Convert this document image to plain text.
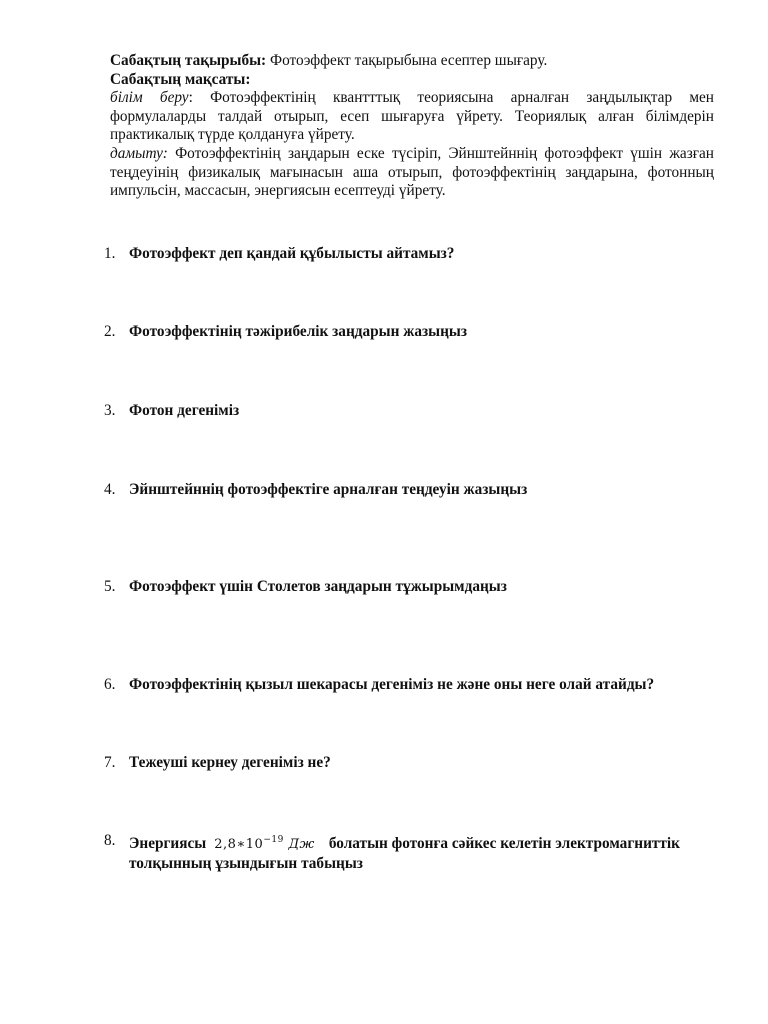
Сабақтың тақырыбы: Фотоэффект тақырыбына есептер шығару.

Сабақтың мақсаты:

білім беру: Фотоэффектінің квантттық теориясына арналған заңдылықтар мен формулаларды талдай отырып, есеп шығаруға үйрету. Теориялық алған білімдерін практикалық түрде қолдануға үйрету.

дамыту: Фотоэффектінің заңдарын еске түсіріп, Эйнштейннің фотоэффект үшін жазған теңдеуінің физикалық мағынасын аша отырып, фотоэффектінің заңдарына, фотонның импульсін, массасын, энергиясын есептеуді үйрету.

1. Фотоэффект деп қандай құбылысты айтамыз?
2. Фотоэффектінің тәжірибелік заңдарын жазыңыз
3. Фотон дегеніміз
4. Эйнштейннің фотоэффектіге арналған теңдеуін жазыңыз
5. Фотоэффект үшін Столетов заңдарын тұжырымдаңыз
6. Фотоэффектінің қызыл шекарасы дегеніміз не және оны неге олай атайды?
7. Тежеуші кернеу дегеніміз не?
8. Энергиясы $2,8∗10^{-19}$ Дж болатын фотонға сәйкес келетін электромагниттік
толқынның ұзындығын табыңыз
